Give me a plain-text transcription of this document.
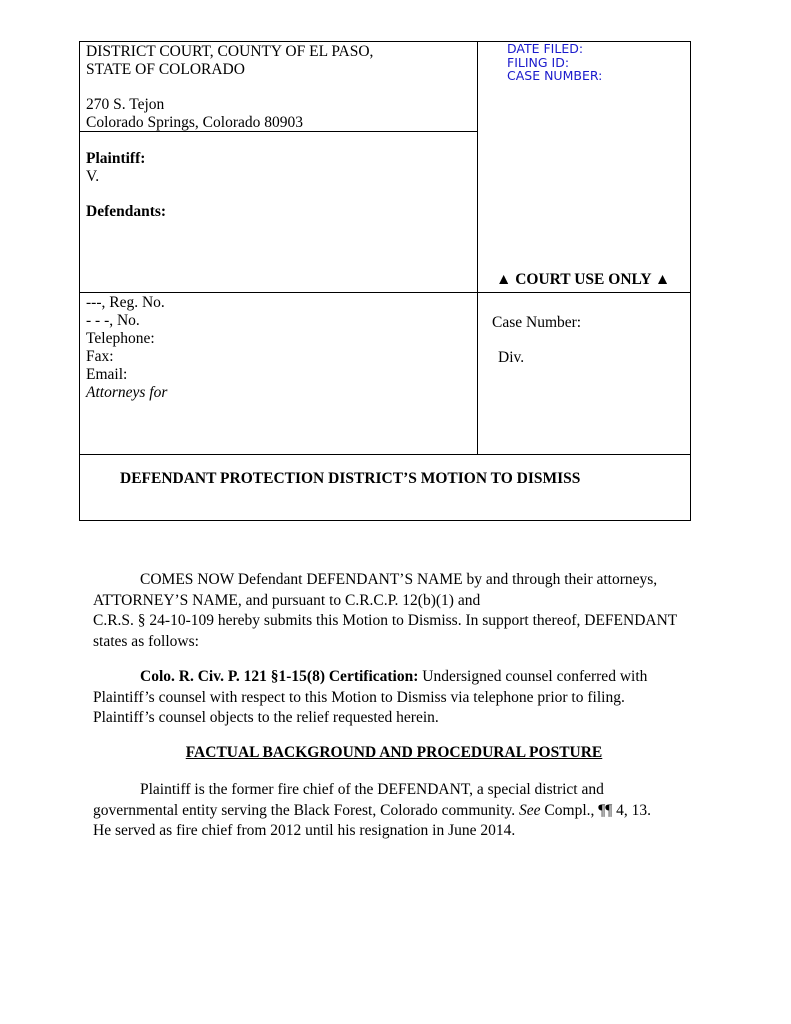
DISTRICT COURT, COUNTY OF EL PASO,
STATE OF COLORADO
270 S. Tejon
Colorado Springs, Colorado 80903
Plaintiff:
V.
Defendants:
DATE FILED:
FILING ID:
CASE NUMBER:
▲ COURT USE ONLY ▲
---, Reg. No.
- - -, No.
Telephone:
Fax:
Email:
Attorneys for
Case Number:
Div.
DEFENDANT PROTECTION DISTRICT’S MOTION TO DISMISS

COMES NOW Defendant DEFENDANT’S NAME by and through their attorneys,

ATTORNEY’S NAME, and pursuant to C.R.C.P. 12(b)(1) and

C.R.S. § 24-10-109 hereby submits this Motion to Dismiss. In support thereof, DEFENDANT

states as follows:

Colo. R. Civ. P. 121 §1-15(8) Certification: Undersigned counsel conferred with

Plaintiff’s counsel with respect to this Motion to Dismiss via telephone prior to filing.

Plaintiff’s counsel objects to the relief requested herein.

FACTUAL BACKGROUND AND PROCEDURAL POSTURE

Plaintiff is the former fire chief of the DEFENDANT, a special district and

governmental entity serving the Black Forest, Colorado community. See Compl., ¶¶ 4, 13.

He served as fire chief from 2012 until his resignation in June 2014.
